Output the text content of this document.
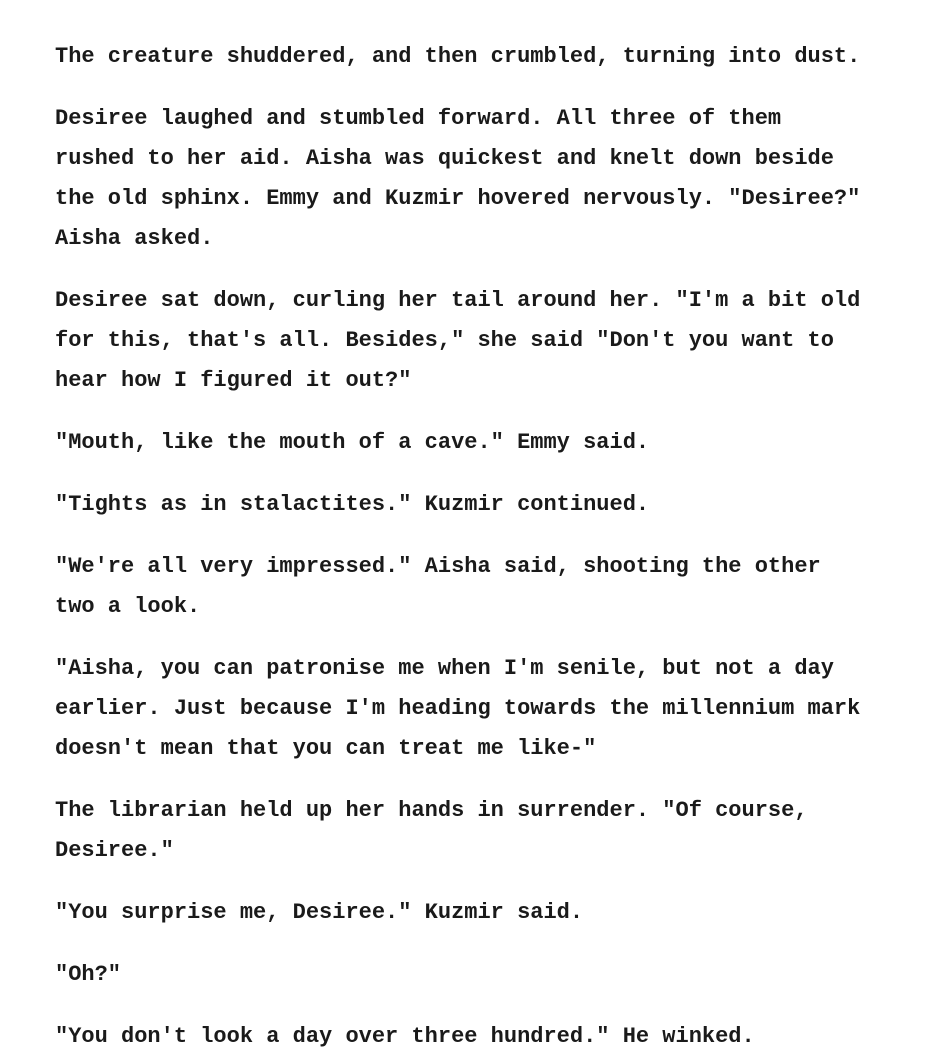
The creature shuddered, and then crumbled, turning into dust.

Desiree laughed and stumbled forward. All three of them
rushed to her aid. Aisha was quickest and knelt down beside
the old sphinx. Emmy and Kuzmir hovered nervously. "Desiree?"
Aisha asked.

Desiree sat down, curling her tail around her. "I'm a bit old
for this, that's all. Besides," she said "Don't you want to
hear how I figured it out?"

"Mouth, like the mouth of a cave." Emmy said.

"Tights as in stalactites." Kuzmir continued.

"We're all very impressed." Aisha said, shooting the other
two a look.

"Aisha, you can patronise me when I'm senile, but not a day
earlier. Just because I'm heading towards the millennium mark
doesn't mean that you can treat me like-"

The librarian held up her hands in surrender. "Of course,
Desiree."

"You surprise me, Desiree." Kuzmir said.

"Oh?"

"You don't look a day over three hundred." He winked.
